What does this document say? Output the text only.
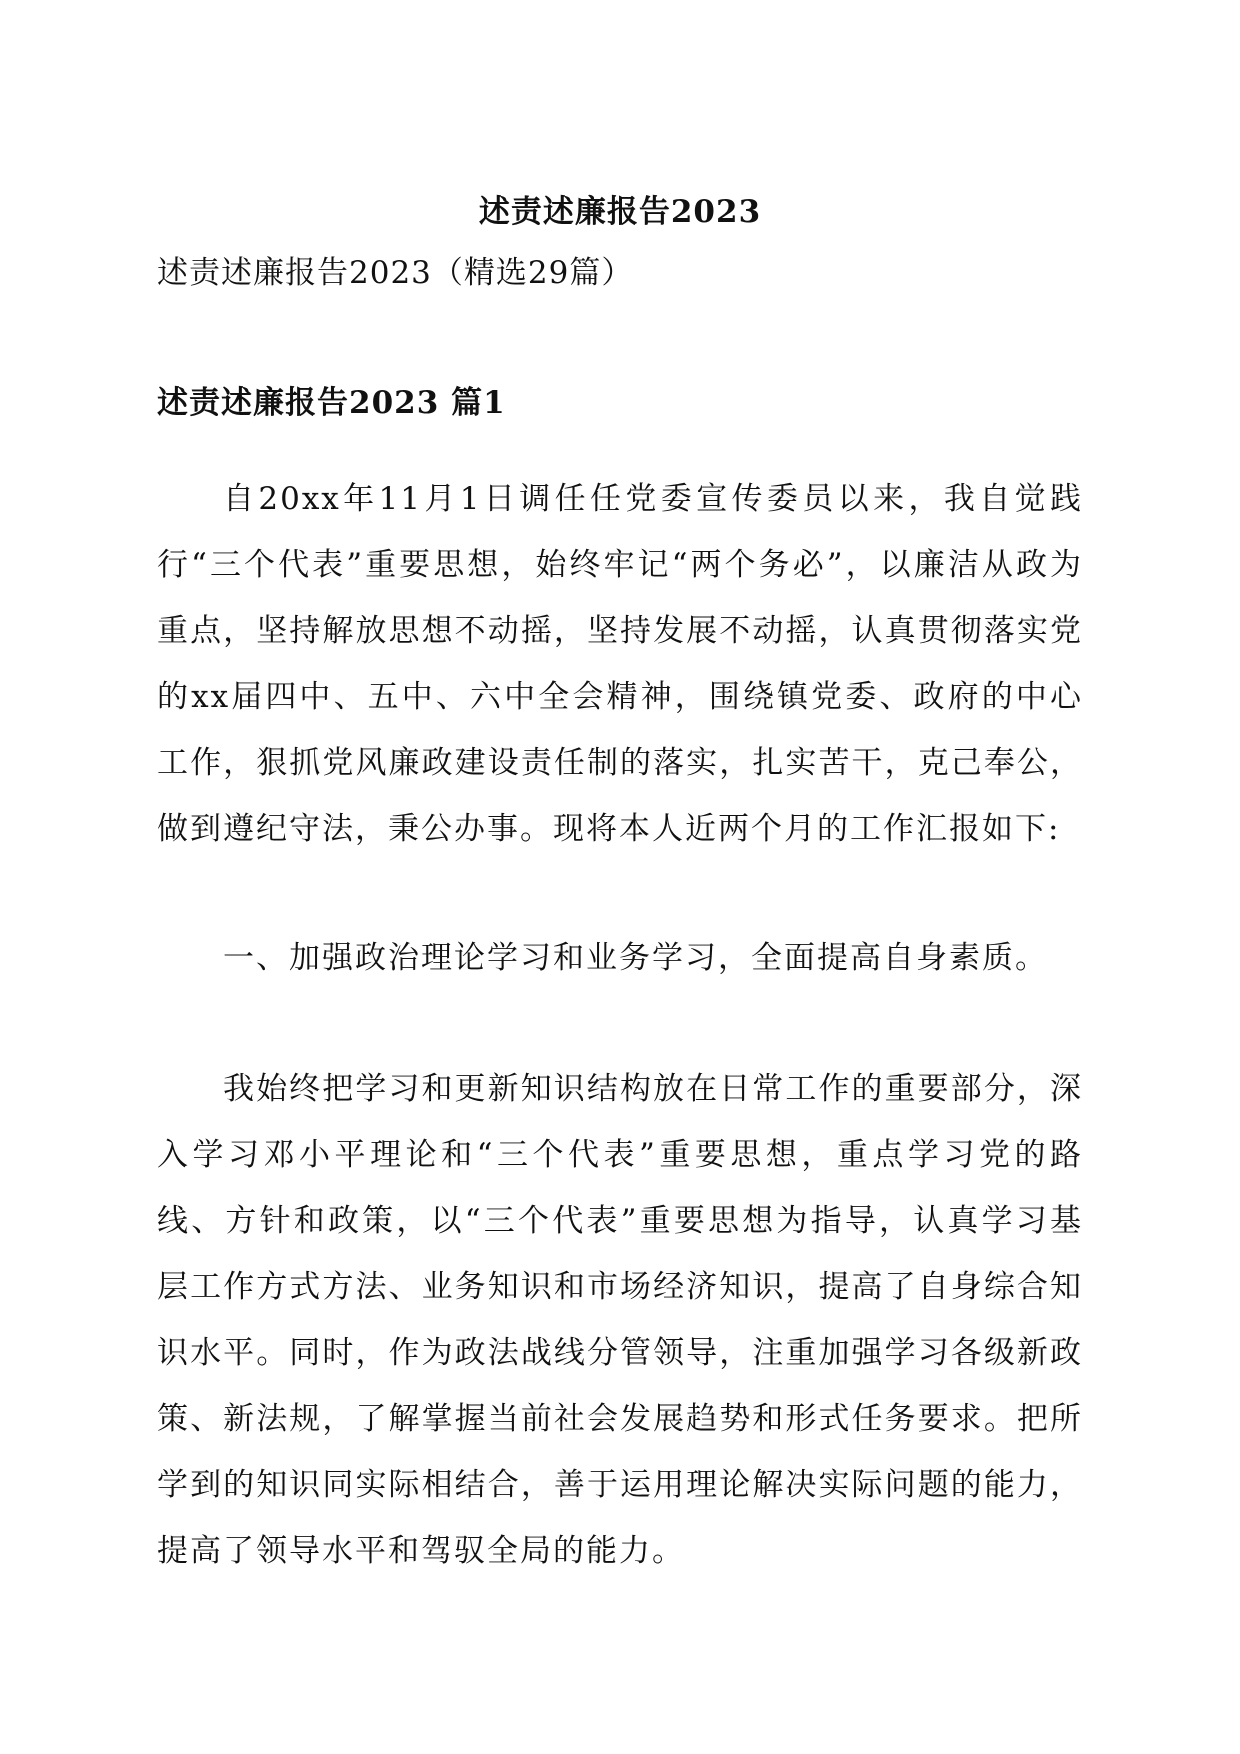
述责述廉报告2023
述责述廉报告2023（精选29篇）
述责述廉报告2023 篇1

自20xx年11月1日调任任党委宣传委员以来，我自觉践行“三个代表”重要思想，始终牢记“两个务必”，以廉洁从政为重点，坚持解放思想不动摇，坚持发展不动摇，认真贯彻落实党的xx届四中、五中、六中全会精神，围绕镇党委、政府的中心工作，狠抓党风廉政建设责任制的落实，扎实苦干，克己奉公，做到遵纪守法，秉公办事。现将本人近两个月的工作汇报如下:

一、加强政治理论学习和业务学习，全面提高自身素质。

我始终把学习和更新知识结构放在日常工作的重要部分，深入学习邓小平理论和“三个代表”重要思想，重点学习党的路线、方针和政策，以“三个代表”重要思想为指导，认真学习基层工作方式方法、业务知识和市场经济知识，提高了自身综合知识水平。同时，作为政法战线分管领导，注重加强学习各级新政策、新法规，了解掌握当前社会发展趋势和形式任务要求。把所学到的知识同实际相结合，善于运用理论解决实际问题的能力，提高了领导水平和驾驭全局的能力。
